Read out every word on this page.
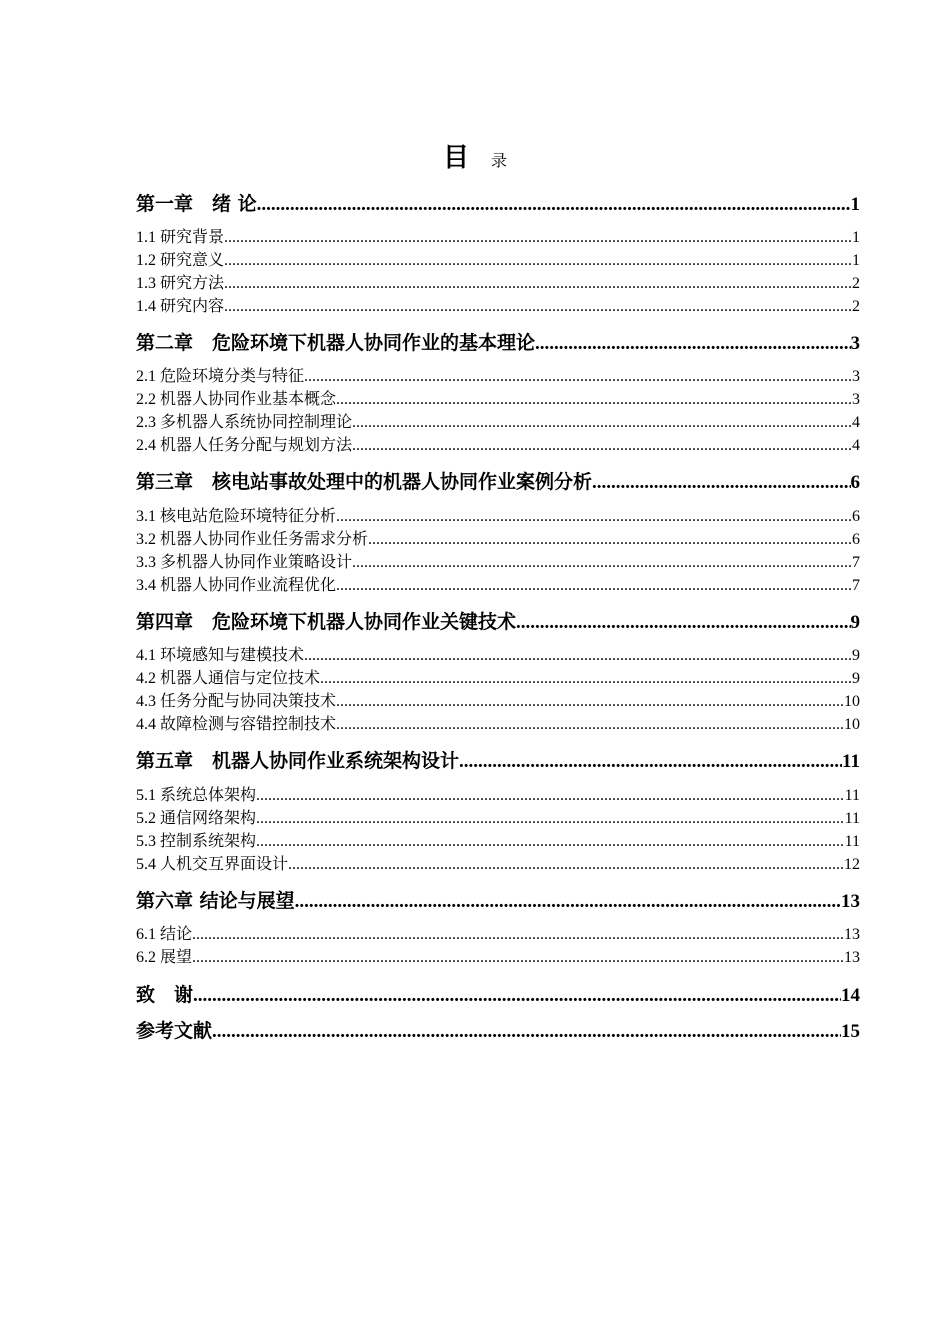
目 录
第一章　绪 论 .....	1
1.1 研究背景 .....	1
1.2 研究意义 .....	1
1.3 研究方法 .....	2
1.4 研究内容 .....	2
第二章　危险环境下机器人协同作业的基本理论 .....	3
2.1 危险环境分类与特征 .....	3
2.2 机器人协同作业基本概念 .....	3
2.3 多机器人系统协同控制理论 .....	4
2.4 机器人任务分配与规划方法 .....	4
第三章　核电站事故处理中的机器人协同作业案例分析 .....	6
3.1 核电站危险环境特征分析 .....	6
3.2 机器人协同作业任务需求分析 .....	6
3.3 多机器人协同作业策略设计 .....	7
3.4 机器人协同作业流程优化 .....	7
第四章　危险环境下机器人协同作业关键技术 .....	9
4.1 环境感知与建模技术 .....	9
4.2 机器人通信与定位技术 .....	9
4.3 任务分配与协同决策技术 .....	10
4.4 故障检测与容错控制技术 .....	10
第五章　机器人协同作业系统架构设计 .....	11
5.1 系统总体架构 .....	11
5.2 通信网络架构 .....	11
5.3 控制系统架构 .....	11
5.4 人机交互界面设计 .....	12
第六章 结论与展望 .....	13
6.1 结论 .....	13
6.2 展望 .....	13
致　谢 .....	14
参考文献 .....	15
